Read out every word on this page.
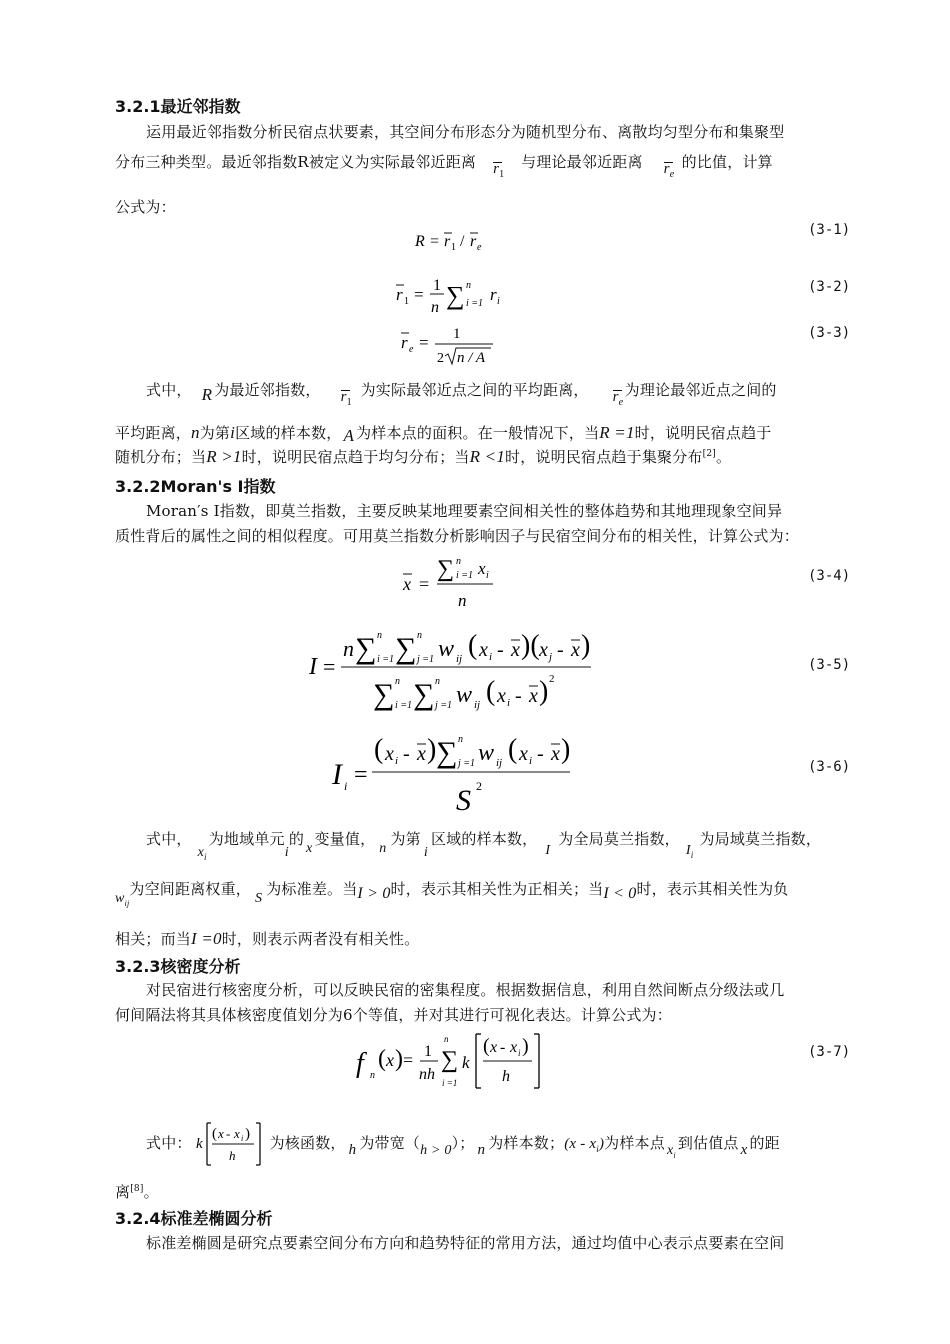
3.2.1最近邻指数
运用最近邻指数分析民宿点状要素，其空间分布形态分为随机型分布、离散均匀型分布和集聚型
分布三种类型。最近邻指数R被定义为实际最邻近距离 $r_1$
与理论最邻近距离 $r_e$
的比值，计算
公式为：
R = r 1 / r e
(3-1)
r 1 = 1
n ∑ n
i =1 r i
(3-2)
r e = 1
2 n / A
(3-3)
式中， R 为最近邻指数， $r_1$
为实际最邻近点之间的平均距离， $r_e$
为理论最邻近点之间的
平均距离，n为第i区域的样本数， A 为样本点的面积。在一般情况下，当R =1时，说明民宿点趋于
随机分布；当R >1时，说明民宿点趋于均匀分布；当R <1时，说明民宿点趋于集聚分布[2]。
3.2.2Moran's I指数
Moran′s I指数，即莫兰指数，主要反映某地理要素空间相关性的整体趋势和其地理现象空间异
质性背后的属性之间的相似程度。可用莫兰指数分析影响因子与民宿空间分布的相关性，计算公式为：
x =
∑ n
i =1 x i
n
(3-4)
I =
n ∑ n
i =1 ∑ n
j =1 w ij ( x i - x )( x j - x )
∑ n
i =1 ∑ n
j =1 w ij ( x i - x ) 2
(3-5)
I i =
( x i - x ) ∑ n
j =1 w ij ( x i - x )
S 2
(3-6)
式中，$x_i$为地域单元i的x变量值，n为第i区域的样本数，I为全局莫兰指数，$I_i$为局域莫兰指数，
$w_{ij}$为空间距离权重，S为标准差。当I > 0时，表示其相关性为正相关；当I < 0时，表示其相关性为负
相关；而当I =0时，则表示两者没有相关性。
3.2.3核密度分析
对民宿进行核密度分析，可以反映民宿的密集程度。根据数据信息，利用自然间断点分级法或几
何间隔法将其具体核密度值划分为6个等值，并对其进行可视化表达。计算公式为：
f n
( x ) = 1
nh
n
∑
i =1
k
( x - x i )
h
(3-7)
式中： k
( x - x i )
h
为核函数， h 为带宽（h > 0）； n 为样本数；$(x - x_i)$为样本点 $x_i$到估值点 x 的距
离[8]。
3.2.4标准差椭圆分析
标准差椭圆是研究点要素空间分布方向和趋势特征的常用方法，通过均值中心表示点要素在空间
